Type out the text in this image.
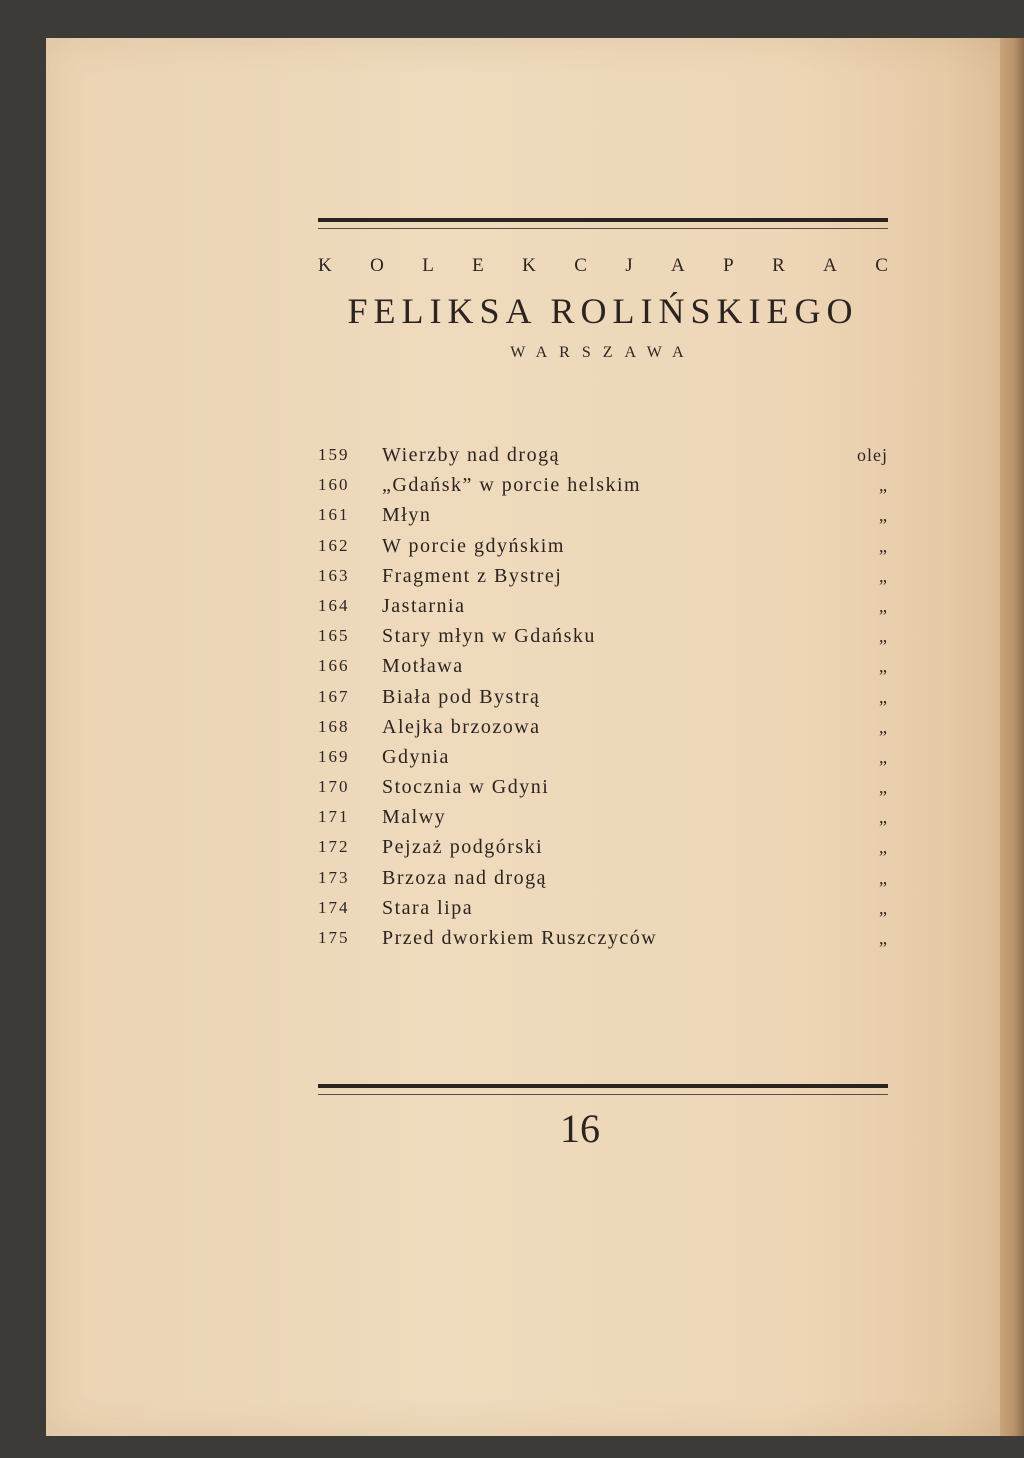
K O L E K C J A P R A C
FELIKSA ROLIŃSKIEGO
WARSZAWA
159 Wierzby nad drogą	olej
160 „Gdańsk” w porcie helskim	„
161 Młyn	„
162 W porcie gdyńskim	„
163 Fragment z Bystrej	„
164 Jastarnia	„
165 Stary młyn w Gdańsku	„
166 Motława	„
167 Biała pod Bystrą	„
168 Alejka brzozowa	„
169 Gdynia	„
170 Stocznia w Gdyni	„
171 Malwy	„
172 Pejzaż podgórski	„
173 Brzoza nad drogą	„
174 Stara lipa	„
175 Przed dworkiem Ruszczyców	„
16
